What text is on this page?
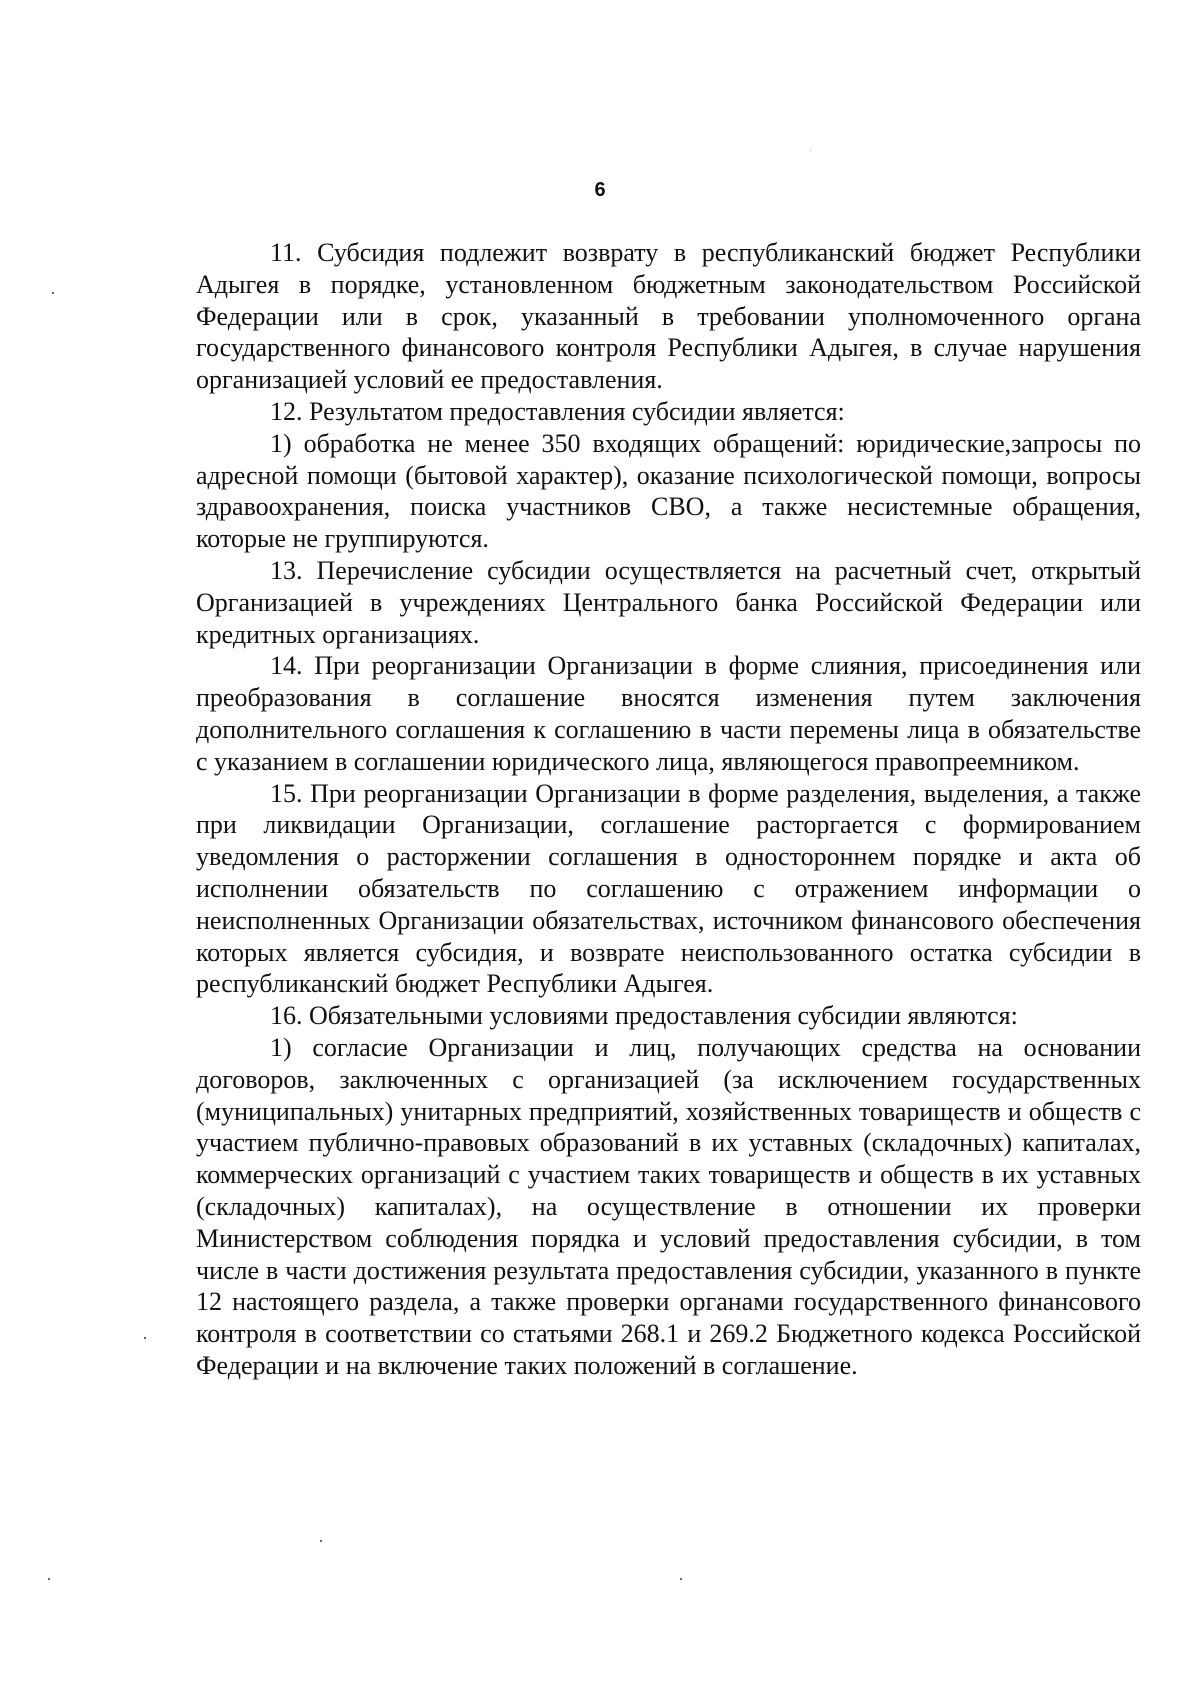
6

11. Субсидия подлежит возврату в республиканский бюджет Республики Адыгея в порядке, установленном бюджетным законодательством Российской Федерации или в срок, указанный в требовании уполномоченного органа государственного финансового контроля Республики Адыгея, в случае нарушения организацией условий ее предоставления.

12. Результатом предоставления субсидии является:

1) обработка не менее 350 входящих обращений: юридические,запросы по адресной помощи (бытовой характер), оказание психологической помощи, вопросы здравоохранения, поиска участников СВО, а также несистемные обращения, которые не группируются.

13. Перечисление субсидии осуществляется на расчетный счет, открытый Организацией в учреждениях Центрального банка Российской Федерации или кредитных организациях.

14. При реорганизации Организации в форме слияния, присоединения или преобразования в соглашение вносятся изменения путем заключения дополнительного соглашения к соглашению в части перемены лица в обязательстве с указанием в соглашении юридического лица, являющегося правопреемником.

15. При реорганизации Организации в форме разделения, выделения, а также при ликвидации Организации, соглашение расторгается с формированием уведомления о расторжении соглашения в одностороннем порядке и акта об исполнении обязательств по соглашению с отражением информации о неисполненных Организации обязательствах, источником финансового обеспечения которых является субсидия, и возврате неиспользованного остатка субсидии в республиканский бюджет Республики Адыгея.

16. Обязательными условиями предоставления субсидии являются:

1) согласие Организации и лиц, получающих средства на основании договоров, заключенных с организацией (за исключением государственных (муниципальных) унитарных предприятий, хозяйственных товариществ и обществ с участием публично-правовых образований в их уставных (складочных) капиталах, коммерческих организаций с участием таких товариществ и обществ в их уставных (складочных) капиталах), на осуществление в отношении их проверки Министерством соблюдения порядка и условий предоставления субсидии, в том числе в части достижения результата предоставления субсидии, указанного в пункте 12 настоящего раздела, а также проверки органами государственного финансового контроля в соответствии со статьями 268.1 и 269.2 Бюджетного кодекса Российской Федерации и на включение таких положений в соглашение.
